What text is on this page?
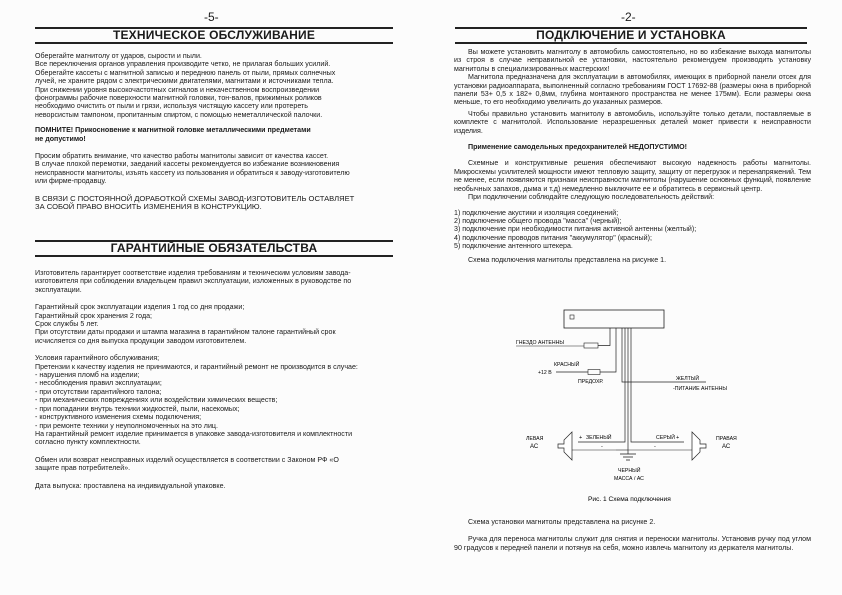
-5-
ТЕХНИЧЕСКОЕ ОБСЛУЖИВАНИЕ

Оберегайте магнитолу от ударов, сырости и пыли.

Все переключения органов управления производите четко, не прилагая больших усилий.

Оберегайте кассеты с магнитной записью и переднюю панель от пыли, прямых солнечных

лучей, не храните рядом с электрическими двигателями, магнитами и источниками тепла.

При снижении уровня высокочастотных сигналов и некачественном воспроизведении

фонограммы рабочие поверхности магнитной головки, тон-валов, прижимных роликов

необходимо очистить от пыли и грязи, используя чистящую кассету или протереть

неворсистым тампоном, пропитанным спиртом, с помощью неметаллической палочки.

ПОМНИТЕ! Прикосновение к магнитной головке металлическими предметами

не допустимо!

Просим обратить внимание, что качество работы магнитолы зависит от качества кассет.

В случае плохой перемотки, заеданий кассеты рекомендуется во избежание возникновения

неисправности магнитолы, изъять кассету из пользования и обратиться к заводу-изготовителю

или фирме-продавцу.

В СВЯЗИ С ПОСТОЯННОЙ ДОРАБОТКОЙ СХЕМЫ ЗАВОД-ИЗГОТОВИТЕЛЬ ОСТАВЛЯЕТ

ЗА СОБОЙ ПРАВО ВНОСИТЬ ИЗМЕНЕНИЯ В КОНСТРУКЦИЮ.

ГАРАНТИЙНЫЕ ОБЯЗАТЕЛЬСТВА

Изготовитель гарантирует соответствие изделия требованиям и техническим условиям завода-

изготовителя при соблюдении владельцем правил эксплуатации, изложенных в руководстве по

эксплуатации.

Гарантийный срок эксплуатации изделия 1 год со дня продажи;

Гарантийный срок хранения 2 года;

Срок службы 5 лет.

При отсутствии даты продажи и штампа магазина в гарантийном талоне гарантийный срок

исчисляется со дня выпуска продукции заводом изготовителем.

Условия гарантийного обслуживания;

Претензии к качеству изделия не принимаются, и гарантийный ремонт не производится в случае:

- нарушения пломб на изделии;

- несоблюдения правил эксплуатации;

- при отсутствии гарантийного талона;

- при механических повреждениях или воздействии химических веществ;

- при попадании внутрь техники жидкостей, пыли, насекомых;

- конструктивного изменения схемы подключения;

- при ремонте техники у неуполномоченных на это лиц.

На гарантийный ремонт изделие принимается в упаковке завода-изготовителя и комплектности

согласно пункту комплектности.

Обмен или возврат неисправных изделий осуществляется в соответствии с Законом РФ «О

защите прав потребителей».

Дата выпуска: проставлена на индивидуальной упаковке.

-2-
ПОДКЛЮЧЕНИЕ И УСТАНОВКА

Вы можете установить магнитолу в автомобиль самостоятельно, но во избежание выхода магнитолы из строя в случае неправильной ее установки, настоятельно рекомендуем производить установку магнитолы в специализированных мастерских!

Магнитола предназначена для эксплуатации в автомобилях, имеющих в приборной панели отсек для установки радиоаппарата, выполненный согласно требованиям ГОСТ 17692-88 (размеры окна в приборной панели 53+ 0,5 х 182+ 0,8мм, глубина монтажного пространства не менее 175мм). Если размеры окна меньше, то его необходимо увеличить до указанных размеров.

Чтобы правильно установить магнитолу в автомобиль, используйте только детали, поставляемые в комплекте с магнитолой. Использование неразрешенных деталей может привести к неисправности изделия.

Применение самодельных предохранителей НЕДОПУСТИМО!

Схемные и конструктивные решения обеспечивают высокую надежность работы магнитолы. Микросхемы усилителей мощности имеют тепловую защиту, защиту от перегрузок и перенапряжений. Тем не менее, если появляются признаки неисправности магнитолы (нарушение основных функций, появление необычных запахов, дыма и т.д) немедленно выключите ее и обратитесь в сервисный центр.

При подключении соблюдайте следующую последовательность действий:

1) подключение акустики и изоляция соединений;

2) подключение общего провода "масса" (черный);

3) подключение при необходимости питания активной антенны (желтый);

4) подключение проводов питания "аккумулятор" (красный);

5) подключение антенного штекера.

Схема подключения магнитолы представлена на рисунке 1.

ГНЕЗДО АНТЕННЫ
КРАСНЫЙ
+12 В
ПРЕДОХР.	ЖЕЛТЫЙ
-ПИТАНИЕ АНТЕННЫ
ЧЕРНЫЙ
МАССА / АС
ЛЕВАЯ
АС
+ ЗЕЛЕНЫЙ
-
ПРАВАЯ
АС
СЕРЫЙ +
-
Рис. 1 Схема подключения

Схема установки магнитолы представлена на рисунке 2.

Ручка для переноса магнитолы служит для снятия и переноски магнитолы. Установив ручку под углом 90 градусов к передней панели и потянув на себя, можно извлечь магнитолу из держателя магнитолы.
